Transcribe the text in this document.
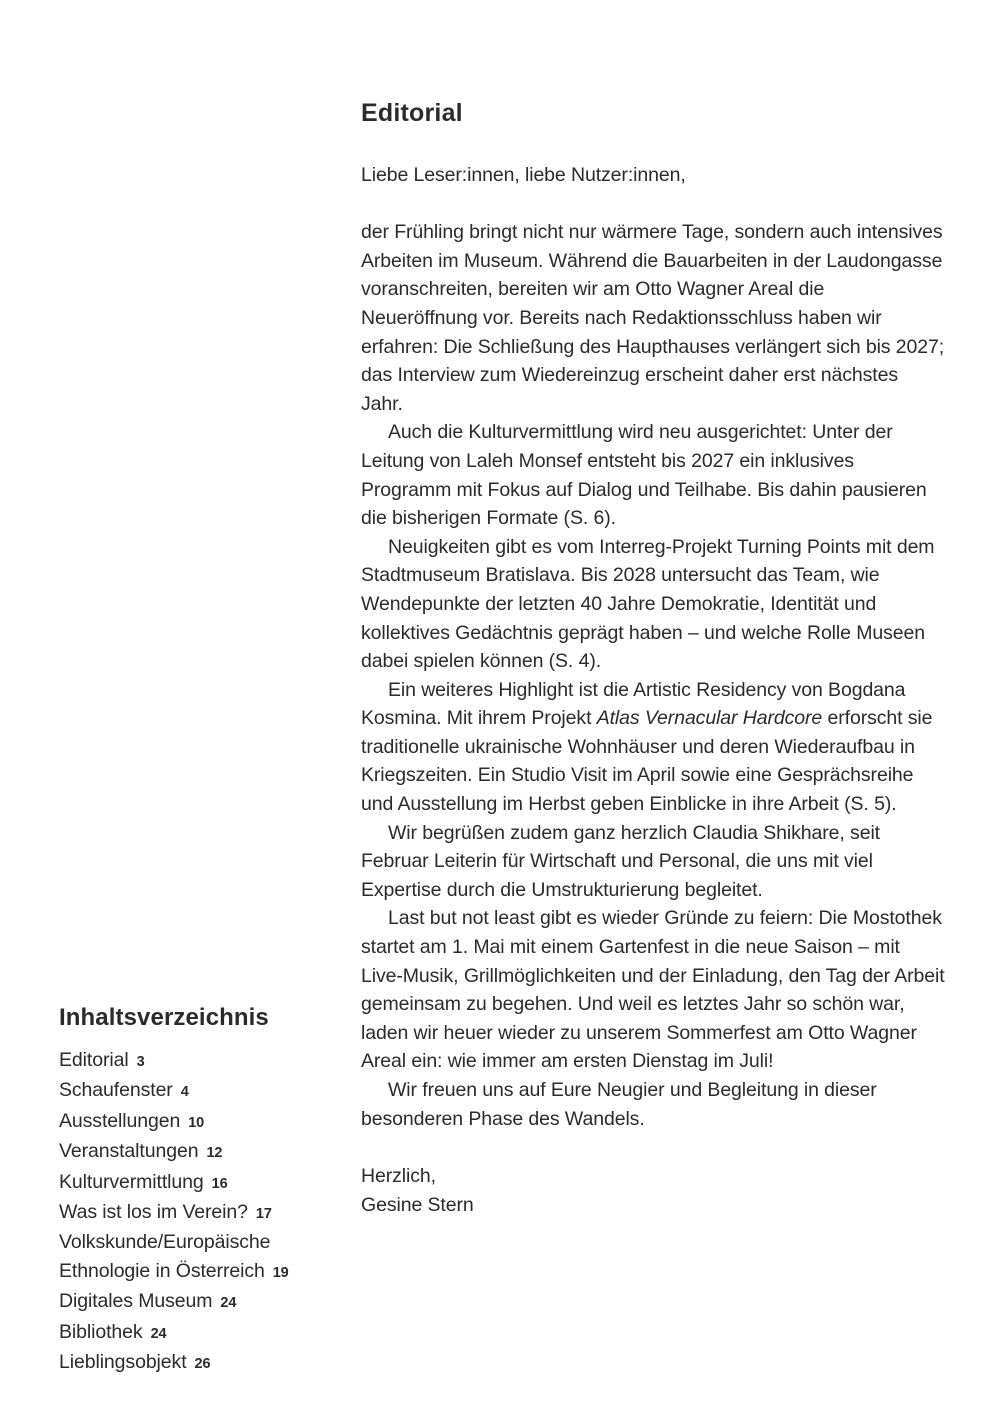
Editorial

Liebe Leser:innen, liebe Nutzer:innen,

der Frühling bringt nicht nur wärmere Tage, sondern auch intensives Arbeiten im Museum. Während die Bauarbeiten in der Laudongasse voranschreiten, bereiten wir am Otto Wagner Areal die Neueröffnung vor. Bereits nach Redaktionsschluss haben wir erfahren: Die Schließung des Haupthauses verlängert sich bis 2027; das Interview zum Wiedereinzug erscheint daher erst nächstes Jahr.

Auch die Kulturvermittlung wird neu ausgerichtet: Unter der Leitung von Laleh Monsef entsteht bis 2027 ein inklusives Programm mit Fokus auf Dialog und Teilhabe. Bis dahin pausieren die bisherigen Formate (S. 6).

Neuigkeiten gibt es vom Interreg-Projekt Turning Points mit dem Stadtmuseum Bratislava. Bis 2028 untersucht das Team, wie Wendepunkte der letzten 40 Jahre Demokratie, Identität und kollektives Gedächtnis geprägt haben – und welche Rolle Museen dabei spielen können (S. 4).

Ein weiteres Highlight ist die Artistic Residency von Bogdana Kosmina. Mit ihrem Projekt Atlas Vernacular Hardcore erforscht sie traditionelle ukrainische Wohnhäuser und deren Wiederaufbau in Kriegszeiten. Ein Studio Visit im April sowie eine Gesprächsreihe und Ausstellung im Herbst geben Einblicke in ihre Arbeit (S. 5).

Wir begrüßen zudem ganz herzlich Claudia Shikhare, seit Februar Leiterin für Wirtschaft und Personal, die uns mit viel Expertise durch die Umstrukturierung begleitet.

Last but not least gibt es wieder Gründe zu feiern: Die Mostothek startet am 1. Mai mit einem Gartenfest in die neue Saison – mit Live-Musik, Grillmöglichkeiten und der Einladung, den Tag der Arbeit gemeinsam zu begehen. Und weil es letztes Jahr so schön war, laden wir heuer wieder zu unserem Sommerfest am Otto Wagner Areal ein: wie immer am ersten Dienstag im Juli!

Wir freuen uns auf Eure Neugier und Begleitung in dieser besonderen Phase des Wandels.

Herzlich,
Gesine Stern
Inhaltsverzeichnis
Editorial 3
Schaufenster 4
Ausstellungen 10
Veranstaltungen 12
Kulturvermittlung 16
Was ist los im Verein? 17
Volkskunde/Europäische Ethnologie in Österreich 19
Digitales Museum 24
Bibliothek 24
Lieblingsobjekt 26
